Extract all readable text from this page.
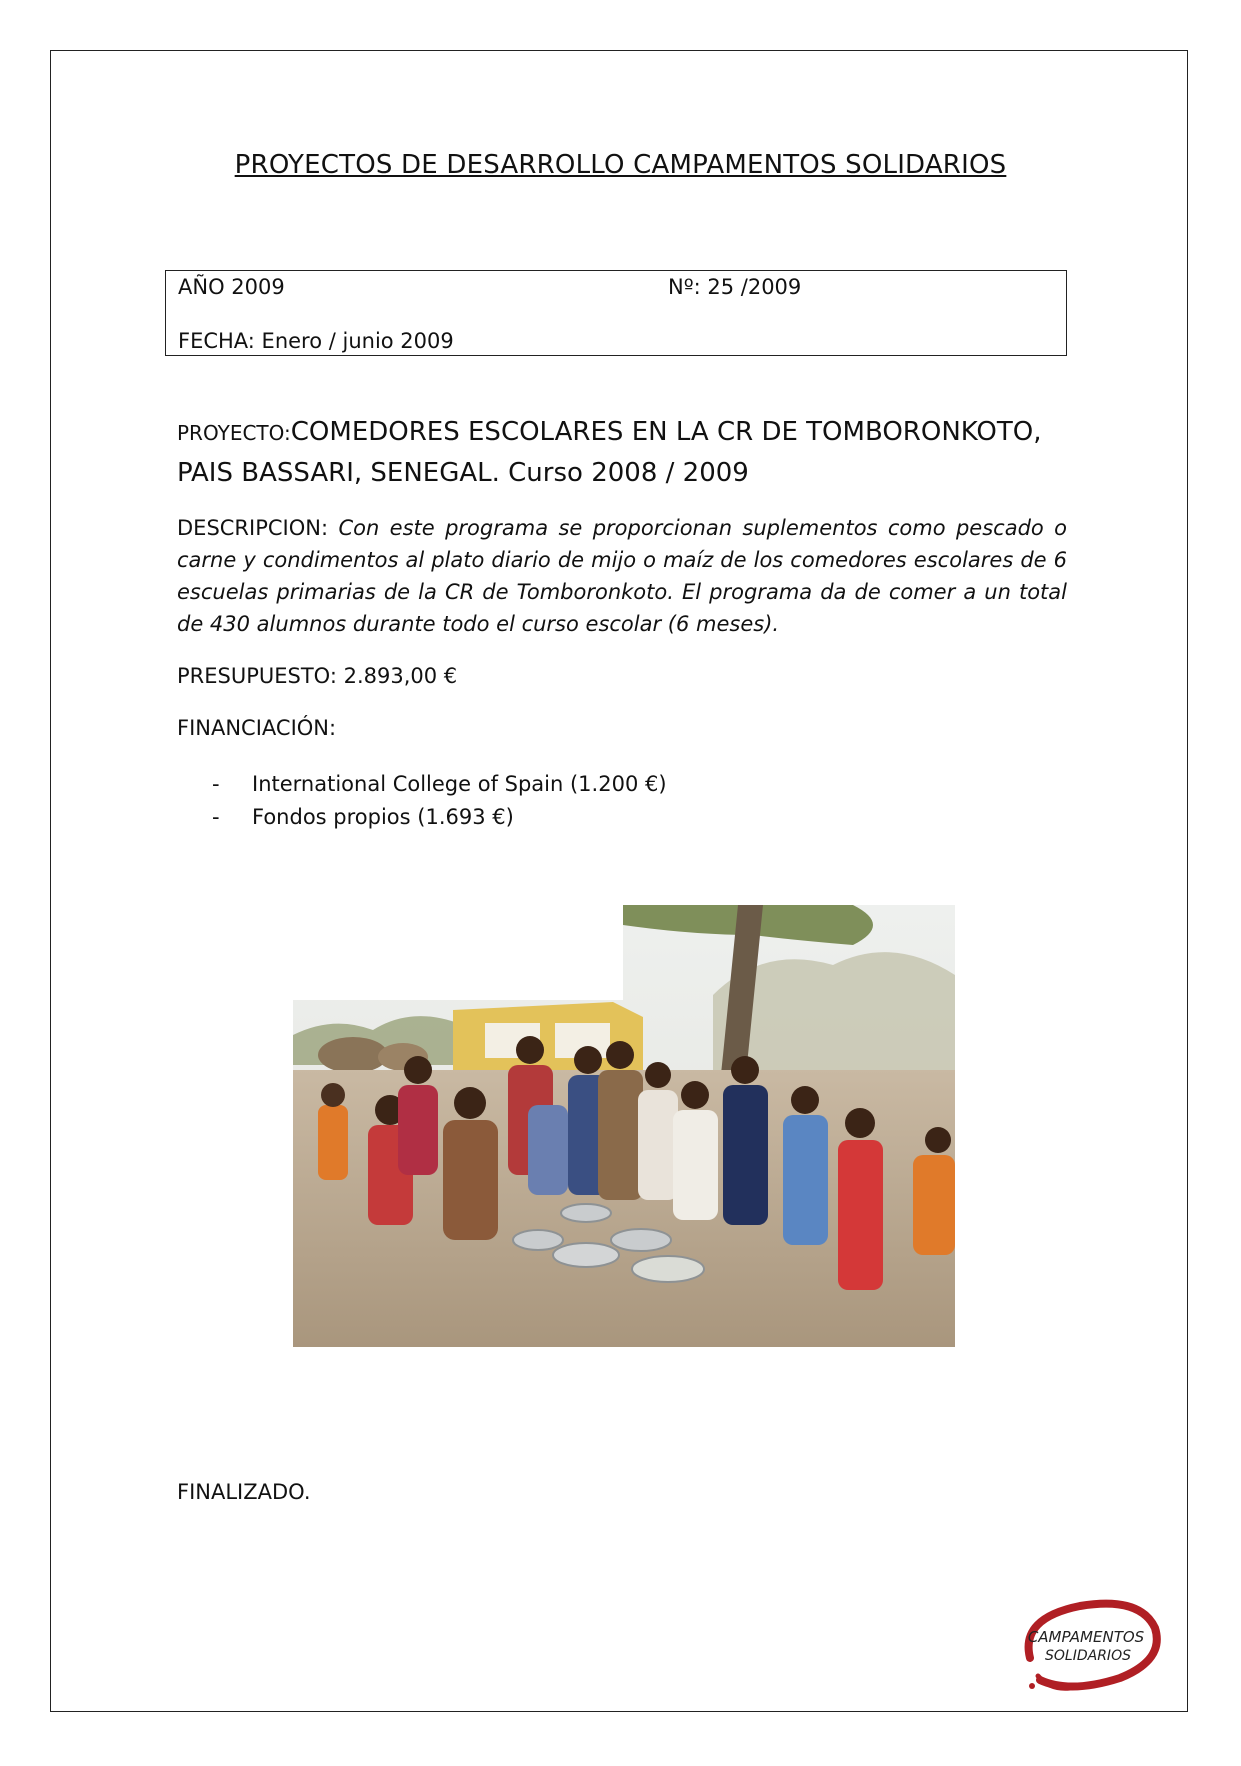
PROYECTOS DE DESARROLLO CAMPAMENTOS SOLIDARIOS
AÑO 2009	Nº: 25 /2009
FECHA: Enero / junio 2009
PROYECTO:COMEDORES ESCOLARES EN LA CR DE TOMBORONKOTO, PAIS BASSARI, SENEGAL. Curso 2008 / 2009
DESCRIPCION: Con este programa se proporcionan suplementos como pescado o carne y condimentos al plato diario de mijo o maíz de los comedores escolares de 6 escuelas primarias de la CR de Tomboronkoto. El programa da de comer a un total de 430 alumnos durante todo el curso escolar (6 meses).
PRESUPUESTO: 2.893,00 €
FINANCIACIÓN:
- International College of Spain (1.200 €)
- Fondos propios (1.693 €)
CAMPAMENTOS
SOLIDARIOS
FINALIZADO.
